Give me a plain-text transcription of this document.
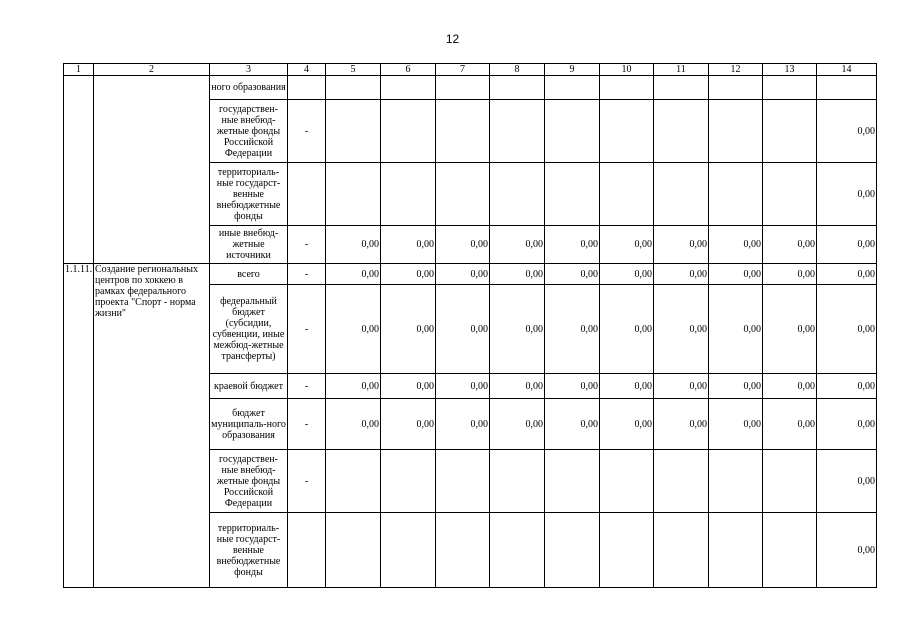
12
1	2	3	4	5	6	7	8	9	10	11	12	13	14
		ного образования											
		государствен-ные внебюд-жетные фонды Российской Федерации	-										0,00
		территориаль-ные государст-венные внебюджетные фонды											0,00
		иные внебюд-жетные источники	-	0,00	0,00	0,00	0,00	0,00	0,00	0,00	0,00	0,00	0,00
1.1.11.	Создание региональных центров по хоккею в рамках федерального проекта "Спорт - норма жизни"	всего	-	0,00	0,00	0,00	0,00	0,00	0,00	0,00	0,00	0,00	0,00
		федеральный бюджет (субсидии, субвенции, иные межбюд-жетные трансферты)	-	0,00	0,00	0,00	0,00	0,00	0,00	0,00	0,00	0,00	0,00
		краевой бюджет	-	0,00	0,00	0,00	0,00	0,00	0,00	0,00	0,00	0,00	0,00
		бюджет муниципаль-ного образования	-	0,00	0,00	0,00	0,00	0,00	0,00	0,00	0,00	0,00	0,00
		государствен-ные внебюд-жетные фонды Российской Федерации	-										0,00
		территориаль-ные государст-венные внебюджетные фонды											0,00
